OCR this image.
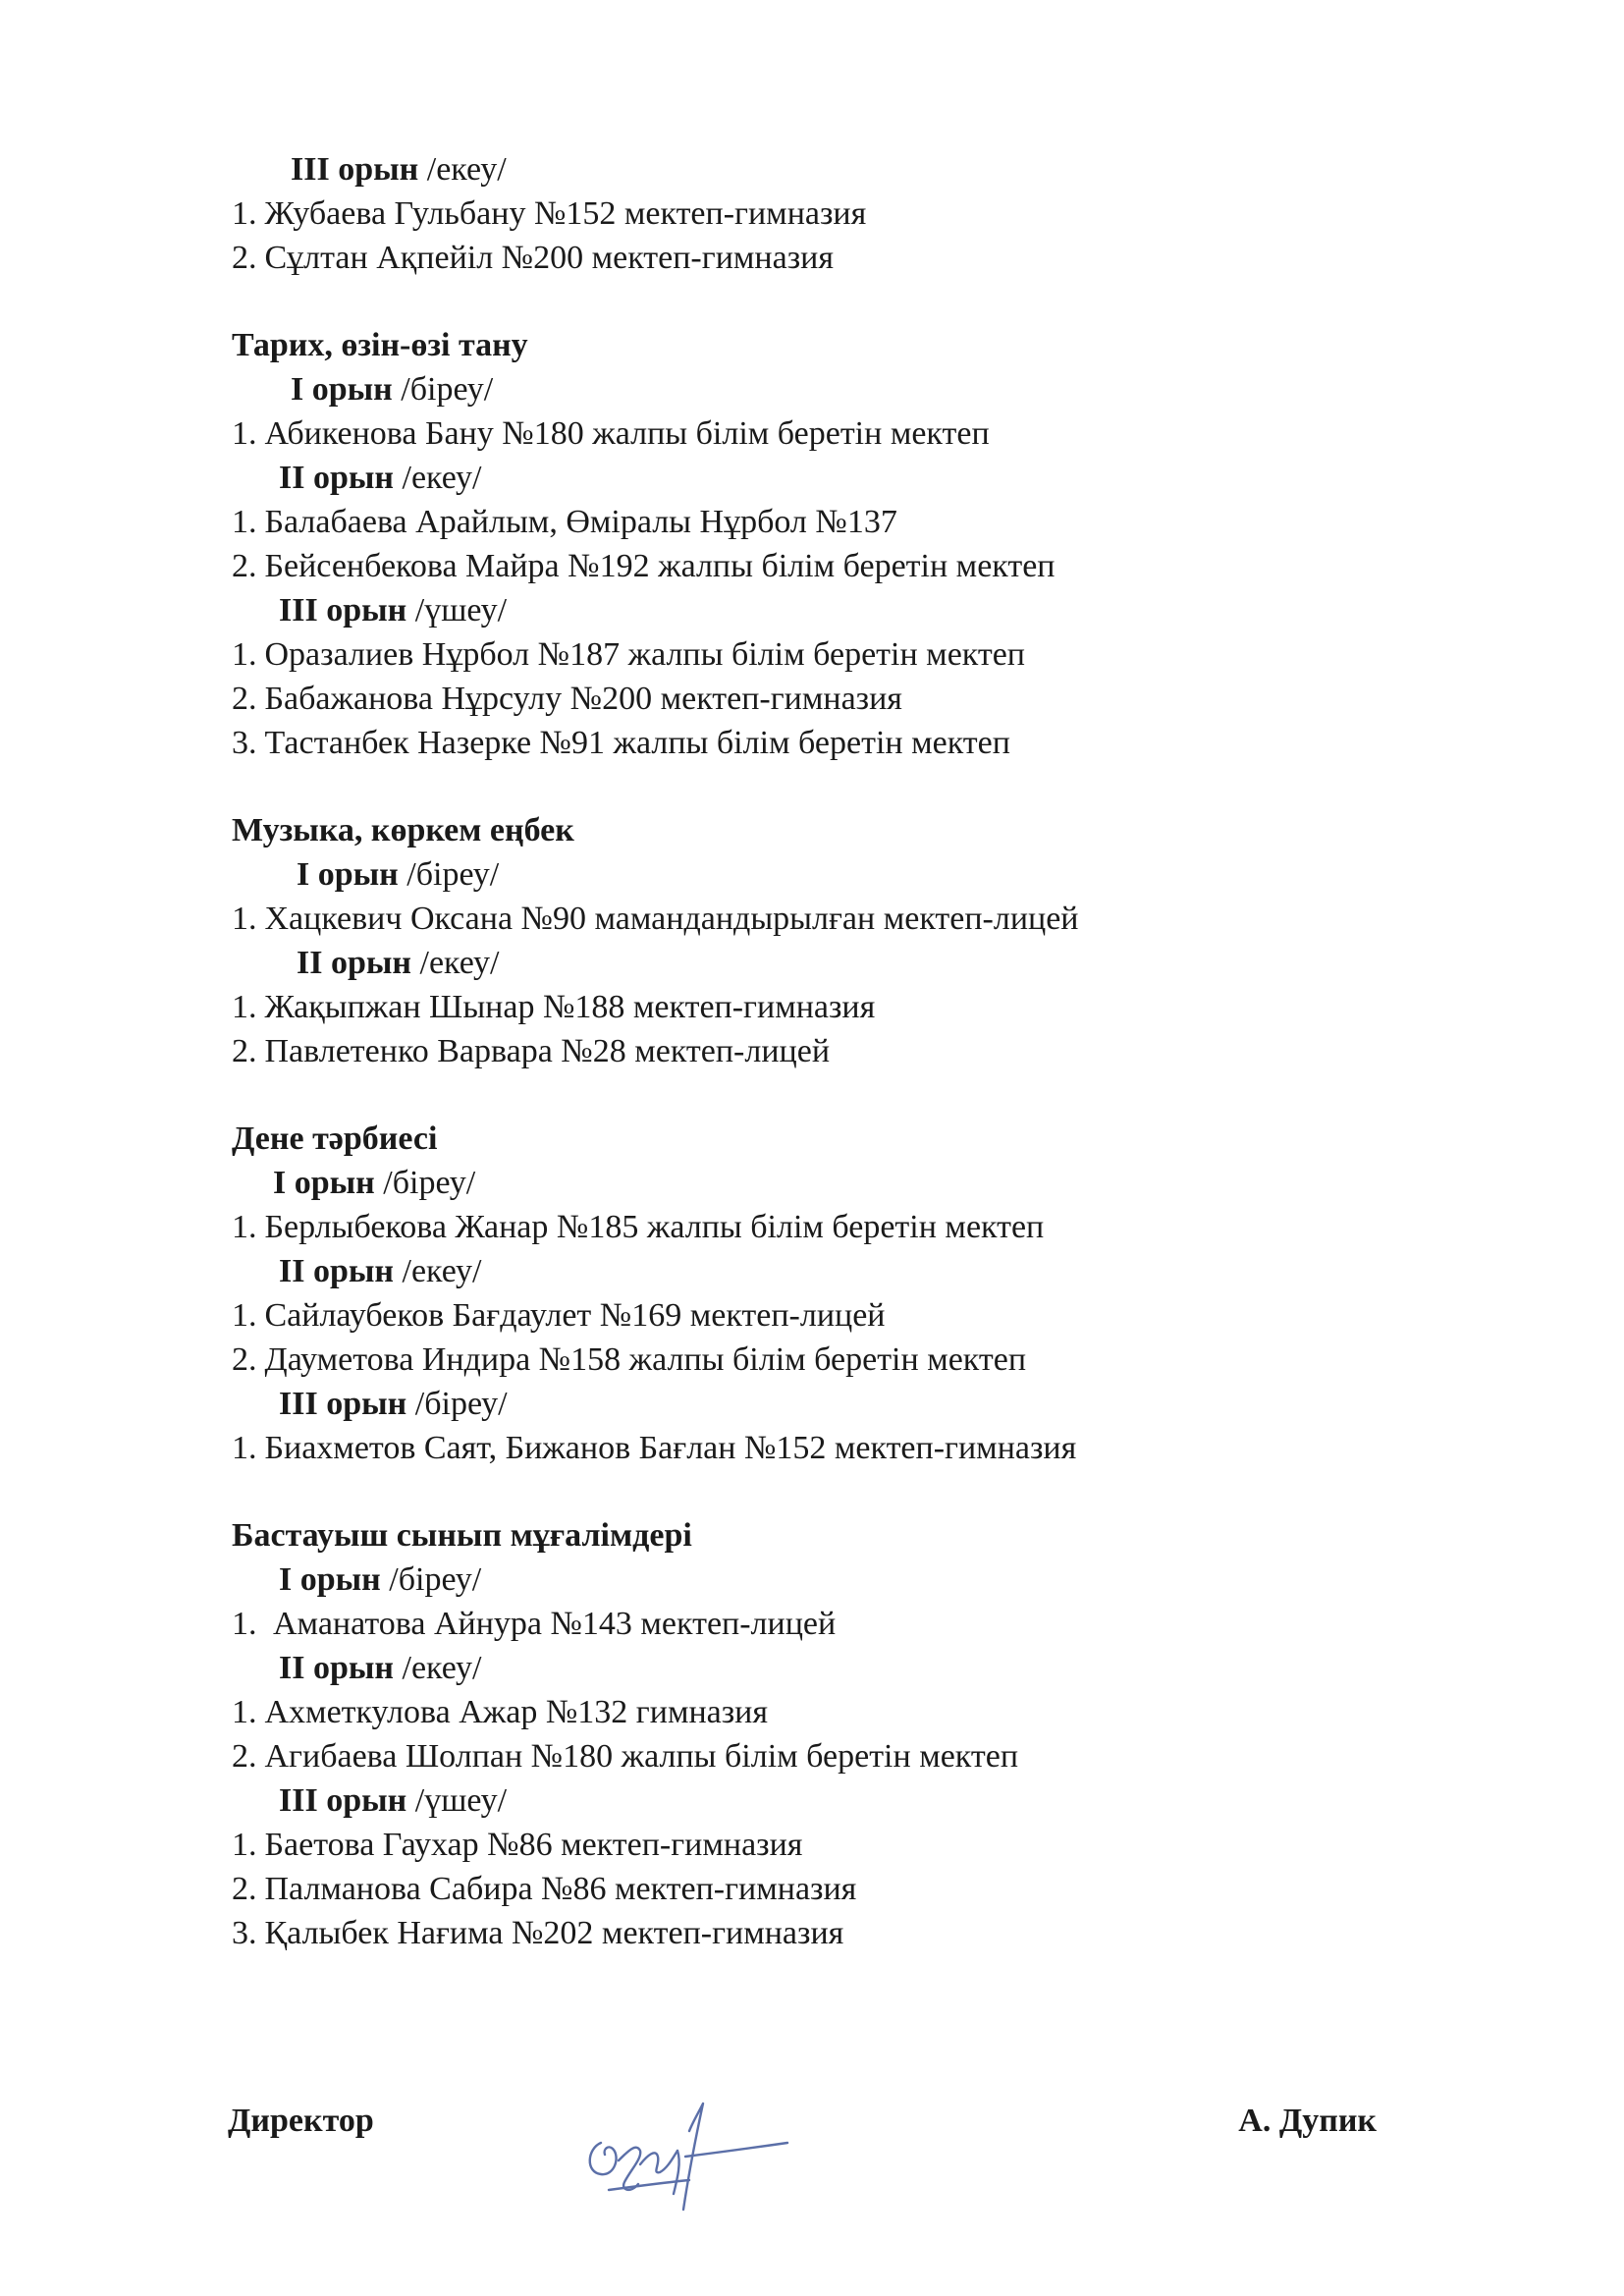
III орын /екеу/
1. Жубаева Гульбану №152 мектеп-гимназия
2. Сұлтан Ақпейіл №200 мектеп-гимназия
Тарих, өзін-өзі тану
I орын /біреу/
1. Абикенова Бану №180 жалпы білім беретін мектеп
II орын /екеу/
1. Балабаева Арайлым, Өміралы Нұрбол №137
2. Бейсенбекова Майра №192 жалпы білім беретін мектеп
III орын /үшеу/
1. Оразалиев Нұрбол №187 жалпы білім беретін мектеп
2. Бабажанова Нұрсулу №200 мектеп-гимназия
3. Тастанбек Назерке №91 жалпы білім беретін мектеп
Музыка, көркем еңбек
I орын /біреу/
1. Хацкевич Оксана №90 мамандандырылған мектеп-лицей
II орын /екеу/
1. Жақыпжан Шынар №188 мектеп-гимназия
2. Павлетенко Варвара №28 мектеп-лицей
Дене тәрбиесі
I орын /біреу/
1. Берлыбекова Жанар №185 жалпы білім беретін мектеп
II орын /екеу/
1. Сайлаубеков Бағдаулет №169 мектеп-лицей
2. Дауметова Индира №158 жалпы білім беретін мектеп
III орын /біреу/
1. Биахметов Саят, Бижанов Бағлан №152 мектеп-гимназия
Бастауыш сынып мұғалімдері
I орын /біреу/
1. Аманатова Айнура №143 мектеп-лицей
II орын /екеу/
1. Ахметкулова Ажар №132 гимназия
2. Агибаева Шолпан №180 жалпы білім беретін мектеп
III орын /үшеу/
1. Баетова Гаухар №86 мектеп-гимназия
2. Палманова Сабира №86 мектеп-гимназия
3. Қалыбек Нағима №202 мектеп-гимназия
Директор	А. Дупик
